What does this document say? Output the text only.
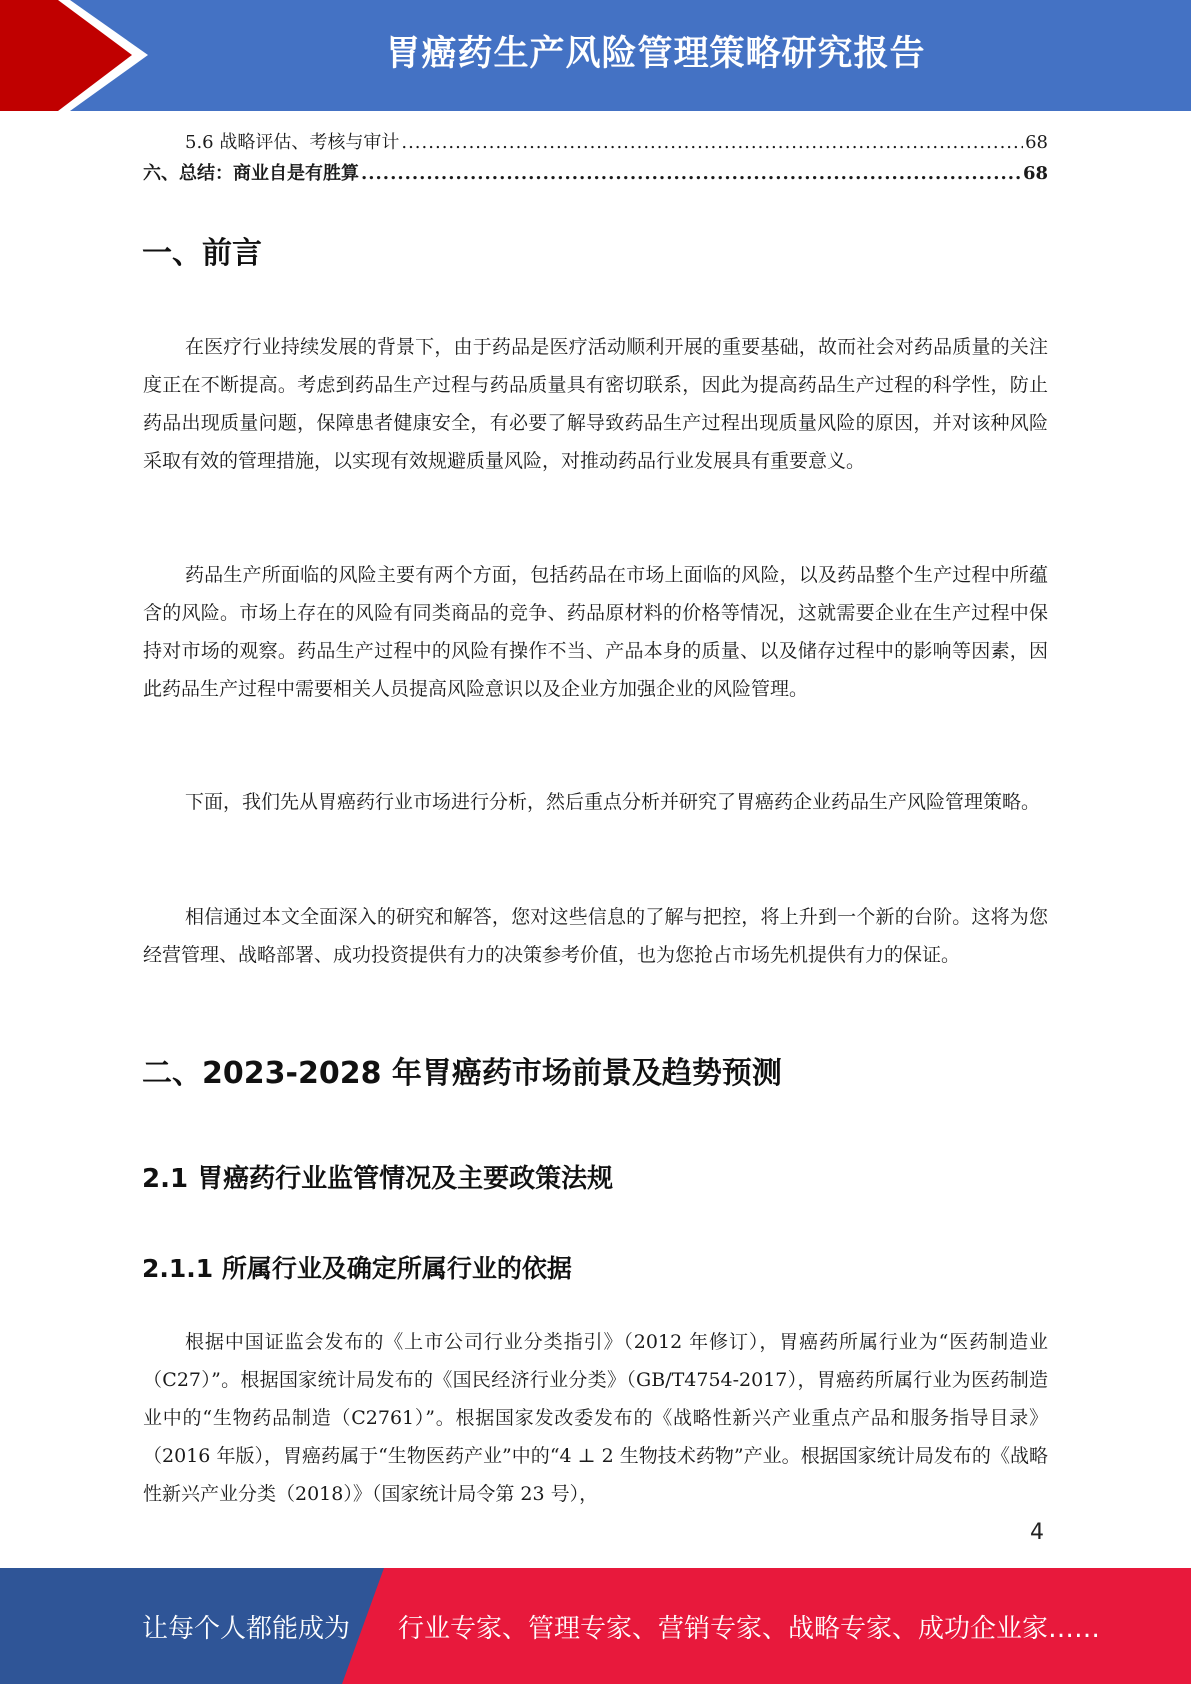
胃癌药生产风险管理策略研究报告
5.6 战略评估、考核与审计 .....	68
六、总结：商业自是有胜算 .....	68
一、前言

在医疗行业持续发展的背景下，由于药品是医疗活动顺利开展的重要基础，故而社会对药品质量的关注度正在不断提高。考虑到药品生产过程与药品质量具有密切联系，因此为提高药品生产过程的科学性，防止药品出现质量问题，保障患者健康安全，有必要了解导致药品生产过程出现质量风险的原因，并对该种风险采取有效的管理措施，以实现有效规避质量风险，对推动药品行业发展具有重要意义。

药品生产所面临的风险主要有两个方面，包括药品在市场上面临的风险，以及药品整个生产过程中所蕴含的风险。市场上存在的风险有同类商品的竞争、药品原材料的价格等情况，这就需要企业在生产过程中保持对市场的观察。药品生产过程中的风险有操作不当、产品本身的质量、以及储存过程中的影响等因素，因此药品生产过程中需要相关人员提高风险意识以及企业方加强企业的风险管理。

下面，我们先从胃癌药行业市场进行分析，然后重点分析并研究了胃癌药企业药品生产风险管理策略。

相信通过本文全面深入的研究和解答，您对这些信息的了解与把控，将上升到一个新的台阶。这将为您经营管理、战略部署、成功投资提供有力的决策参考价值，也为您抢占市场先机提供有力的保证。

二、2023-2028 年胃癌药市场前景及趋势预测
2.1 胃癌药行业监管情况及主要政策法规
2.1.1 所属行业及确定所属行业的依据

根据中国证监会发布的《上市公司行业分类指引》（2012 年修订），胃癌药所属行业为“医药制造业（C27）”。根据国家统计局发布的《国民经济行业分类》（GB/T4754-2017），胃癌药所属行业为医药制造业中的“生物药品制造（C2761）”。根据国家发改委发布的《战略性新兴产业重点产品和服务指导目录》（2016 年版），胃癌药属于“生物医药产业”中的“4 ⊥ 2 生物技术药物”产业。根据国家统计局发布的《战略性新兴产业分类（2018）》（国家统计局令第 23 号），

4
让每个人都能成为 行业专家、管理专家、营销专家、战略专家、成功企业家……
